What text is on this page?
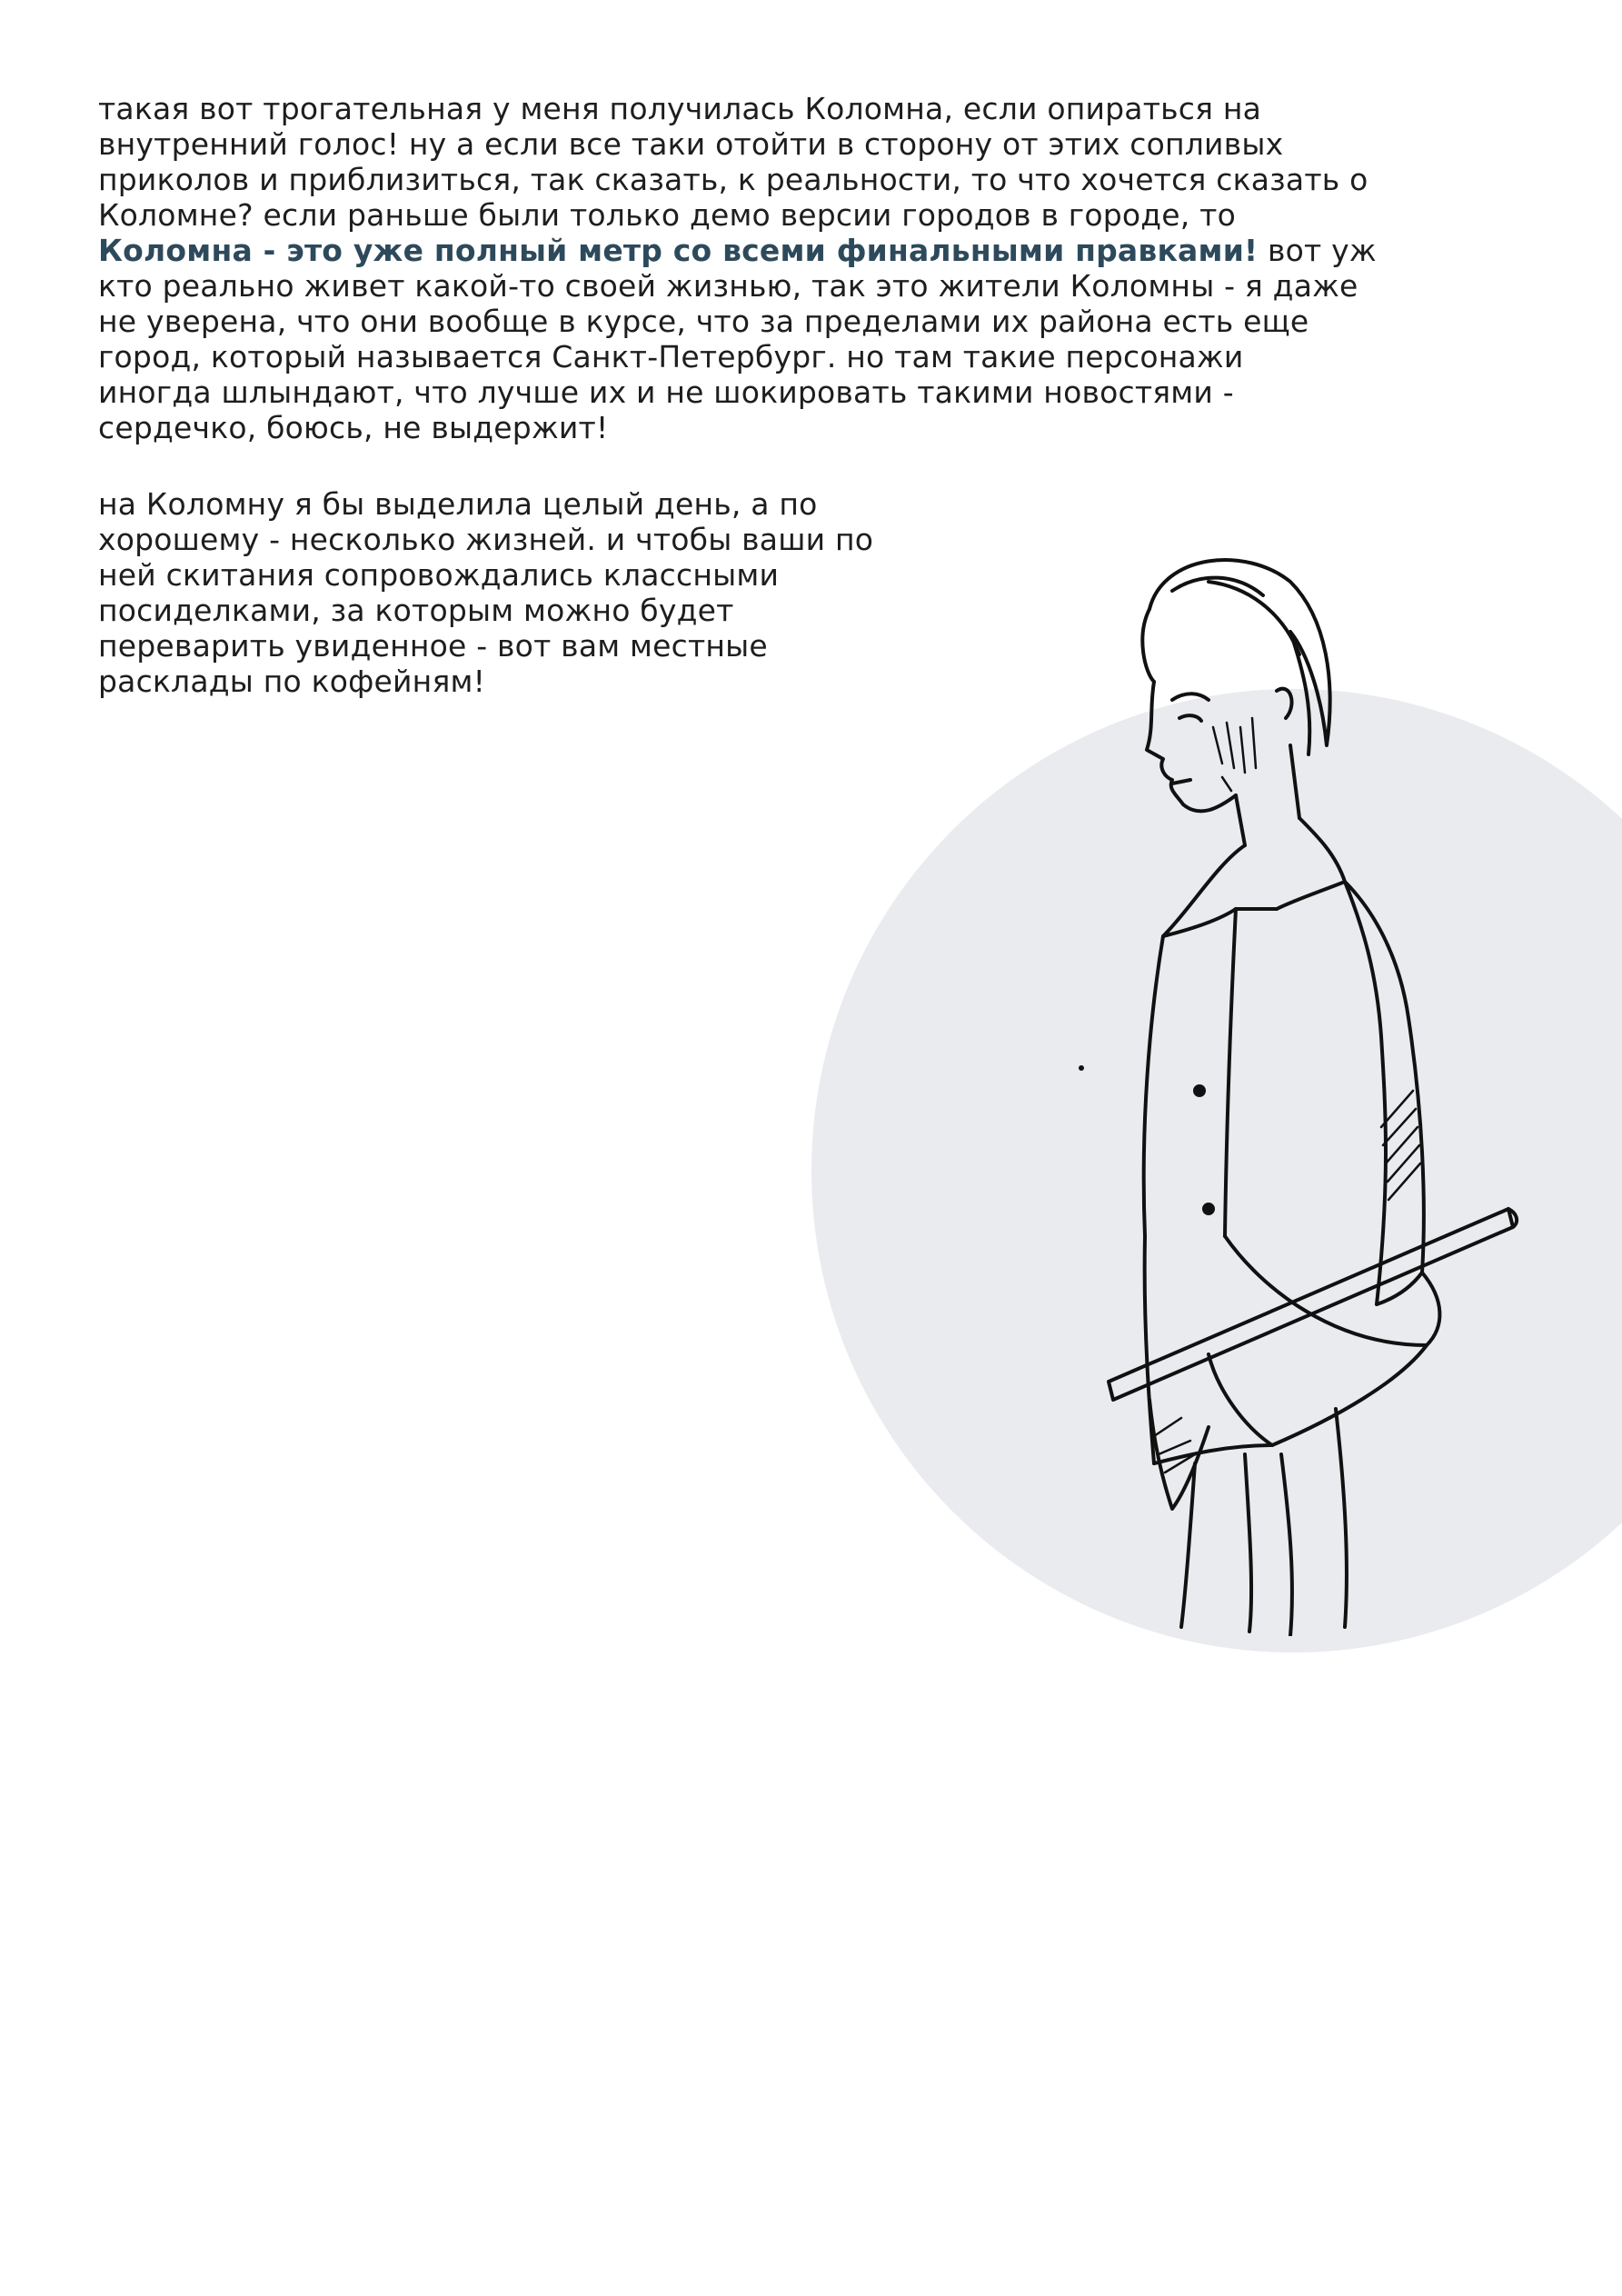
такая вот трогательная у меня получилась Коломна, если опираться на
внутренний голос! ну а если все таки отойти в сторону от этих сопливых
приколов и приблизиться, так сказать, к реальности, то что хочется сказать о
Коломне? если раньше были только демо версии городов в городе, то
Коломна - это уже полный метр со всеми финальными правками! вот уж
кто реально живет какой-то своей жизнью, так это жители Коломны - я даже
не уверена, что они вообще в курсе, что за пределами их района есть еще
город, который называется Санкт-Петербург. но там такие персонажи
иногда шлындают, что лучше их и не шокировать такими новостями -
сердечко, боюсь, не выдержит!
на Коломну я бы выделила целый день, а по
хорошему - несколько жизней. и чтобы ваши по
ней скитания сопровождались классными
посиделками, за которым можно будет
переварить увиденное - вот вам местные
расклады по кофейням!
